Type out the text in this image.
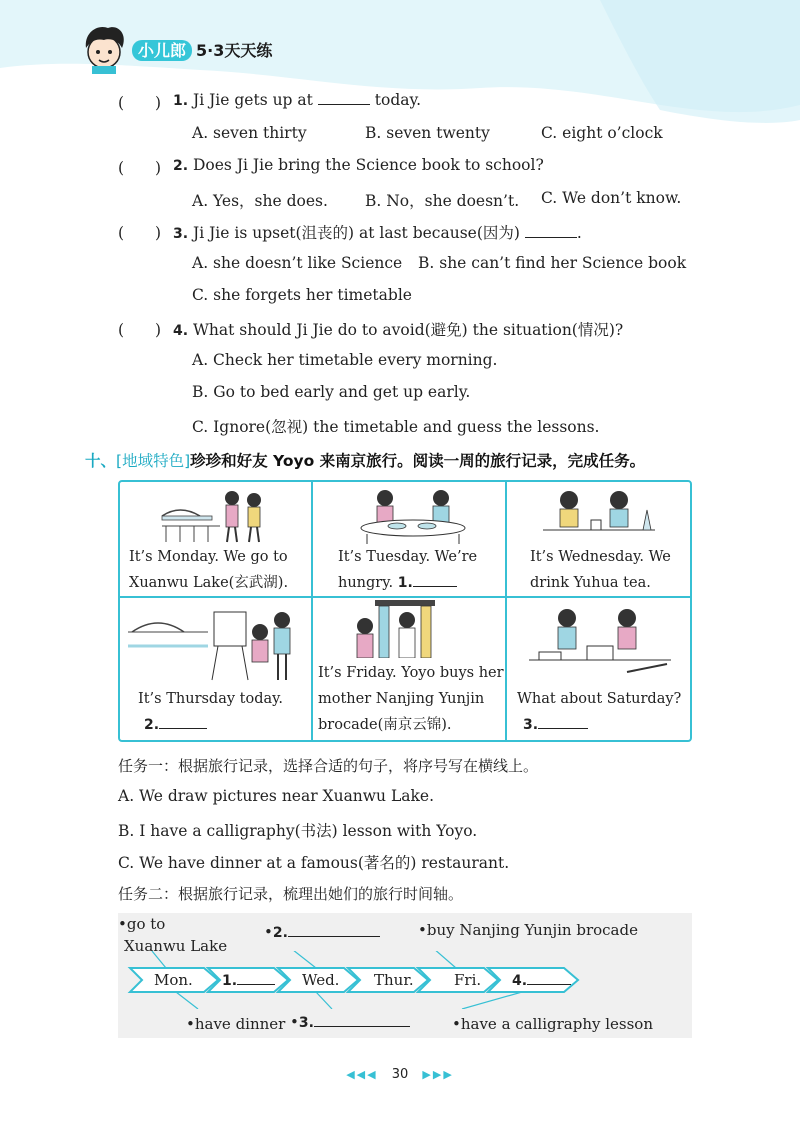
小儿郎 5·3天天练
(　　) 1. Ji Jie gets up at	today.
A. seven thirty	B. seven twenty	C. eight o’clock
(　　) 2. Does Ji Jie bring the Science book to school?
A. Yes，she does. B. No，she doesn’t. C. We don’t know.
(　　) 3. Ji Jie is upset(沮丧的) at last because(因为)	.
A. she doesn’t like Science B. she can’t find her Science book
C. she forgets her timetable
(　　) 4. What should Ji Jie do to avoid(避免) the situation(情况)?
A. Check her timetable every morning.
B. Go to bed early and get up early.
C. Ignore(忽视) the timetable and guess the lessons.
十、[地域特色]珍珍和好友 Yoyo 来南京旅行。阅读一周的旅行记录，完成任务。
It’s Monday. We go to
Xuanwu Lake(玄武湖).
It’s Tuesday. We’re
hungry. 1.
It’s Wednesday. We
drink Yuhua tea.
It’s Thursday today.
2.
It’s Friday. Yoyo buys her
mother Nanjing Yunjin
brocade(南京云锦).
What about Saturday?
3.
任务一：根据旅行记录，选择合适的句子，将序号写在横线上。
A. We draw pictures near Xuanwu Lake.
B. I have a calligraphy(书法) lesson with Yoyo.
C. We have dinner at a famous(著名的) restaurant.
任务二：根据旅行记录，梳理出她们的旅行时间轴。
•go to
Xuanwu Lake
•2.	•buy Nanjing Yunjin brocade
Mon. 1.	Wed. Thur.	Fri. 4.
•have dinner •3.	•have a calligraphy lesson
◀◀◀ 30 ▶▶▶
